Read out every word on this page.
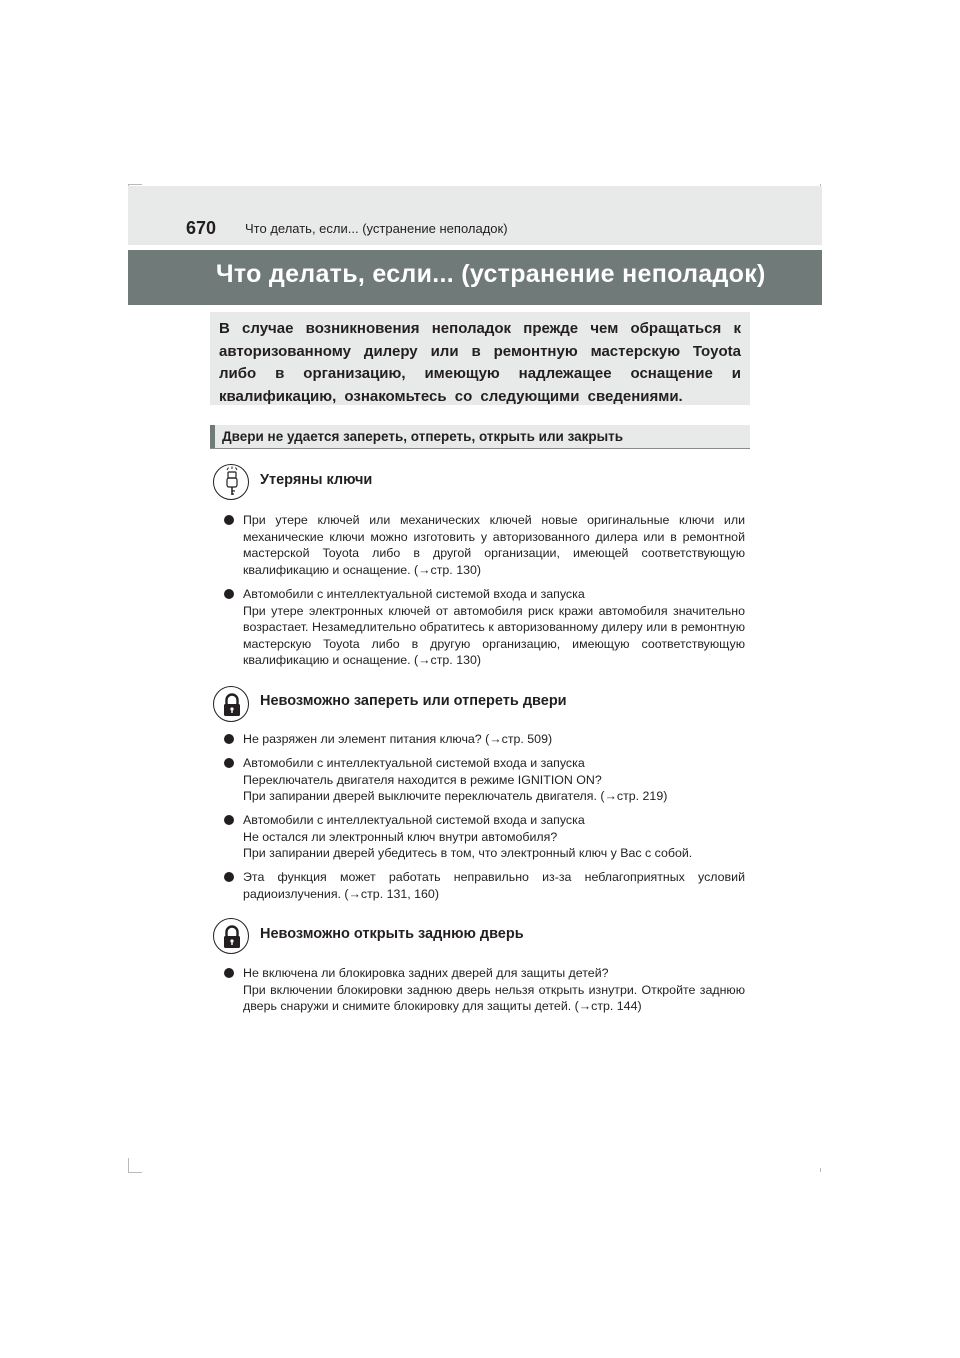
670 Что делать, если... (устранение неполадок)
Что делать, если... (устранение неполадок)

В случае возникновения неполадок прежде чем обращаться к авторизованному дилеру или в ремонтную мастерскую Toyota либо в организацию, имеющую надлежащее оснащение и квалификацию, ознакомьтесь со следующими сведениями.

Двери не удается запереть, отпереть, открыть или закрыть
Утеряны ключи

При утере ключей или механических ключей новые оригинальные ключи или механические ключи можно изготовить у авторизованного дилера или в ремонтной мастерской Toyota либо в другой организации, имеющей соответствующую квалификацию и оснащение. (→стр. 130)

Автомобили с интеллектуальной системой входа и запуска

При утере электронных ключей от автомобиля риск кражи автомобиля значительно возрастает. Незамедлительно обратитесь к авторизованному дилеру или в ремонтную мастерскую Toyota либо в другую организацию, имеющую соответствующую квалификацию и оснащение. (→стр. 130)

Невозможно запереть или отпереть двери

Не разряжен ли элемент питания ключа? (→стр. 509)

Автомобили с интеллектуальной системой входа и запуска

Переключатель двигателя находится в режиме IGNITION ON?

При запирании дверей выключите переключатель двигателя. (→стр. 219)

Автомобили с интеллектуальной системой входа и запуска

Не остался ли электронный ключ внутри автомобиля?

При запирании дверей убедитесь в том, что электронный ключ у Вас с собой.

Эта функция может работать неправильно из-за неблагоприятных условий радиоизлучения. (→стр. 131, 160)

Невозможно открыть заднюю дверь

Не включена ли блокировка задних дверей для защиты детей?

При включении блокировки заднюю дверь нельзя открыть изнутри. Откройте заднюю дверь снаружи и снимите блокировку для защиты детей. (→стр. 144)
